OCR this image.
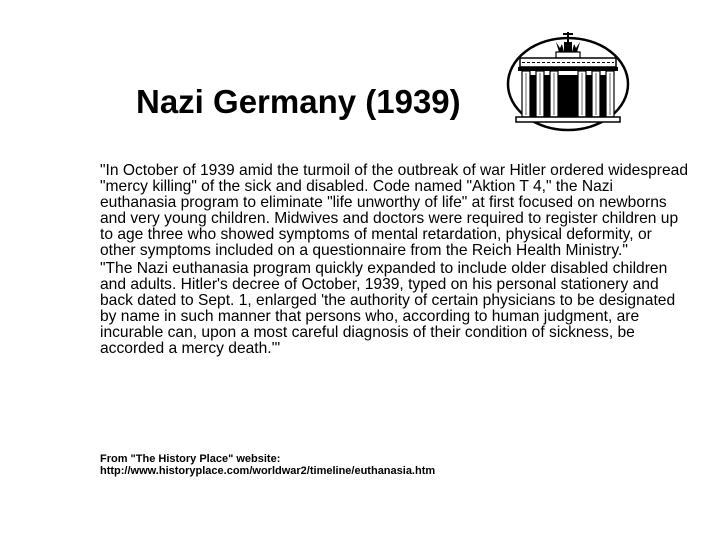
Nazi Germany (1939)

"In October of 1939 amid the turmoil of the outbreak of war Hitler ordered widespread "mercy killing" of the sick and disabled. Code named "Aktion T 4," the Nazi euthanasia program to eliminate "life unworthy of life" at first focused on newborns and very young children. Midwives and doctors were required to register children up to age three who showed symptoms of mental retardation, physical deformity, or other symptoms included on a questionnaire from the Reich Health Ministry."

"The Nazi euthanasia program quickly expanded to include older disabled children and adults. Hitler's decree of October, 1939, typed on his personal stationery and back dated to Sept. 1, enlarged 'the authority of certain physicians to be designated by name in such manner that persons who, according to human judgment, are incurable can, upon a most careful diagnosis of their condition of sickness, be accorded a mercy death.'"

From "The History Place" website:

http://www.historyplace.com/worldwar2/timeline/euthanasia.htm
